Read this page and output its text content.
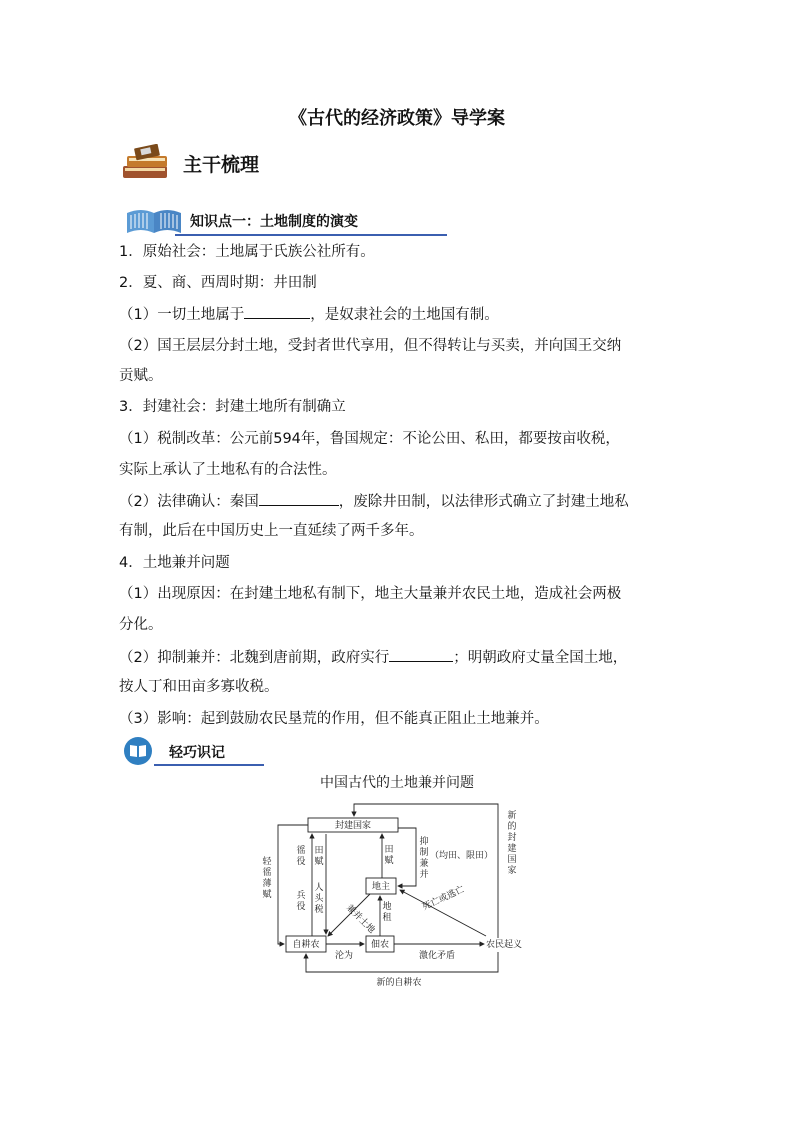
《古代的经济政策》导学案
主干梳理
知识点一：土地制度的演变
1．原始社会：土地属于氏族公社所有。
2．夏、商、西周时期：井田制
（1）一切土地属于	，是奴隶社会的土地国有制。
（2）国王层层分封土地，受封者世代享用，但不得转让与买卖，并向国王交纳
贡赋。
3．封建社会：封建土地所有制确立
（1）税制改革：公元前594年，鲁国规定：不论公田、私田，都要按亩收税，
实际上承认了土地私有的合法性。
（2）法律确认：秦国	，废除井田制，以法律形式确立了封建土地私
有制，此后在中国历史上一直延续了两千多年。
4．土地兼并问题
（1）出现原因：在封建土地私有制下，地主大量兼并农民土地，造成社会两极
分化。
（2）抑制兼并：北魏到唐前期，政府实行	；明朝政府丈量全国土地，
按人丁和田亩多寡收税。
（3）影响：起到鼓励农民垦荒的作用，但不能真正阻止土地兼并。
轻巧识记
中国古代的土地兼并问题
封建国家
地主
自耕农	佃农	农民起义
新的自耕农
轻
徭
薄
赋
徭
役
田
赋
兵
役
人
头
税
田
赋
抑
制
兼
并
（均田、限田）
新
的
封
建
国
家
兼并土地 地
租
沦为	激化矛盾
死亡或逃亡
